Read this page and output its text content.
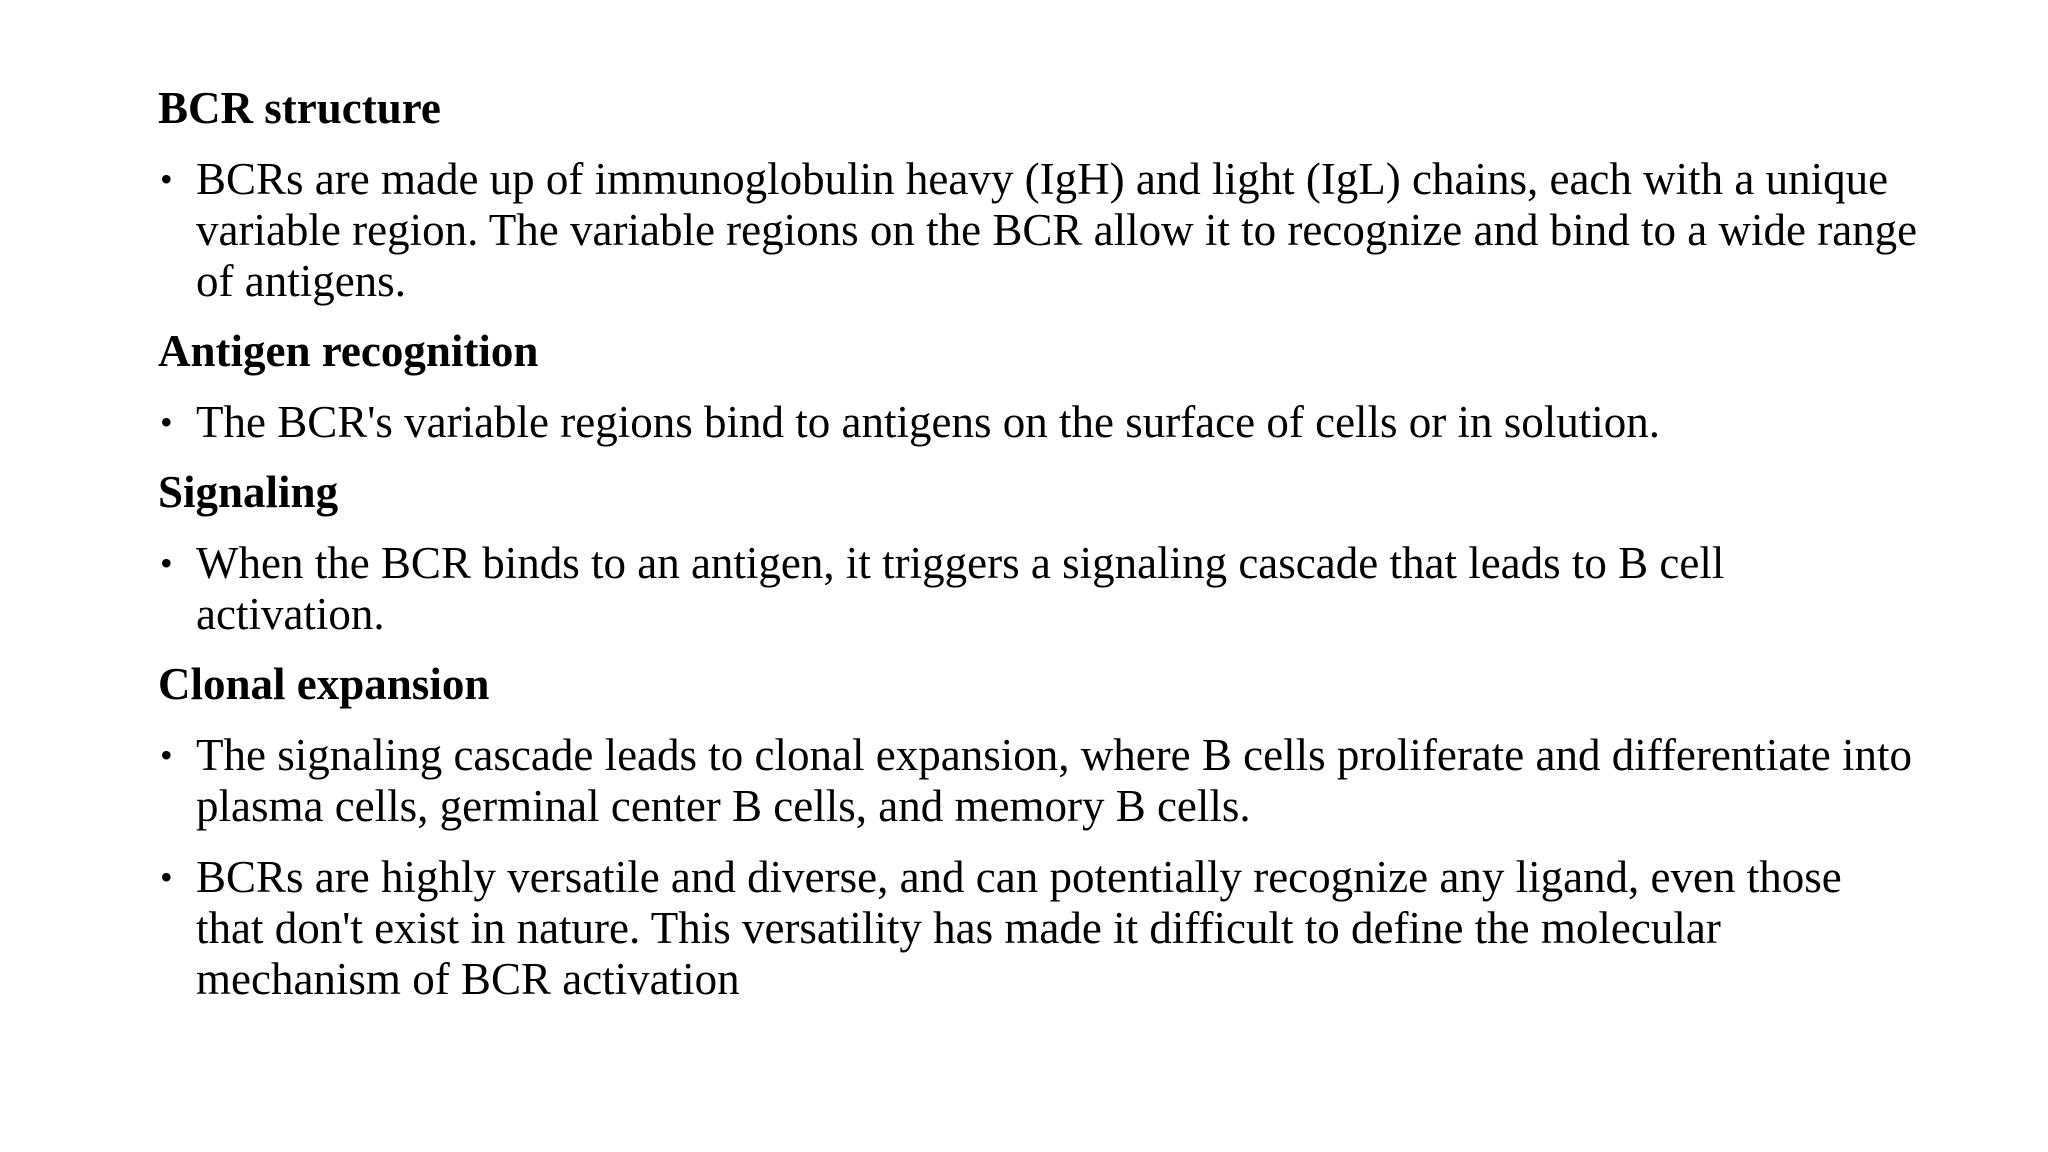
BCR structure
• BCRs are made up of immunoglobulin heavy (IgH) and light (IgL) chains, each with a unique variable region. The variable regions on the BCR allow it to recognize and bind to a wide range of antigens.
Antigen recognition
• The BCR's variable regions bind to antigens on the surface of cells or in solution.
Signaling
• When the BCR binds to an antigen, it triggers a signaling cascade that leads to B cell activation.
Clonal expansion
• The signaling cascade leads to clonal expansion, where B cells proliferate and differentiate into plasma cells, germinal center B cells, and memory B cells.
• BCRs are highly versatile and diverse, and can potentially recognize any ligand, even those that don't exist in nature. This versatility has made it difficult to define the molecular mechanism of BCR activation
